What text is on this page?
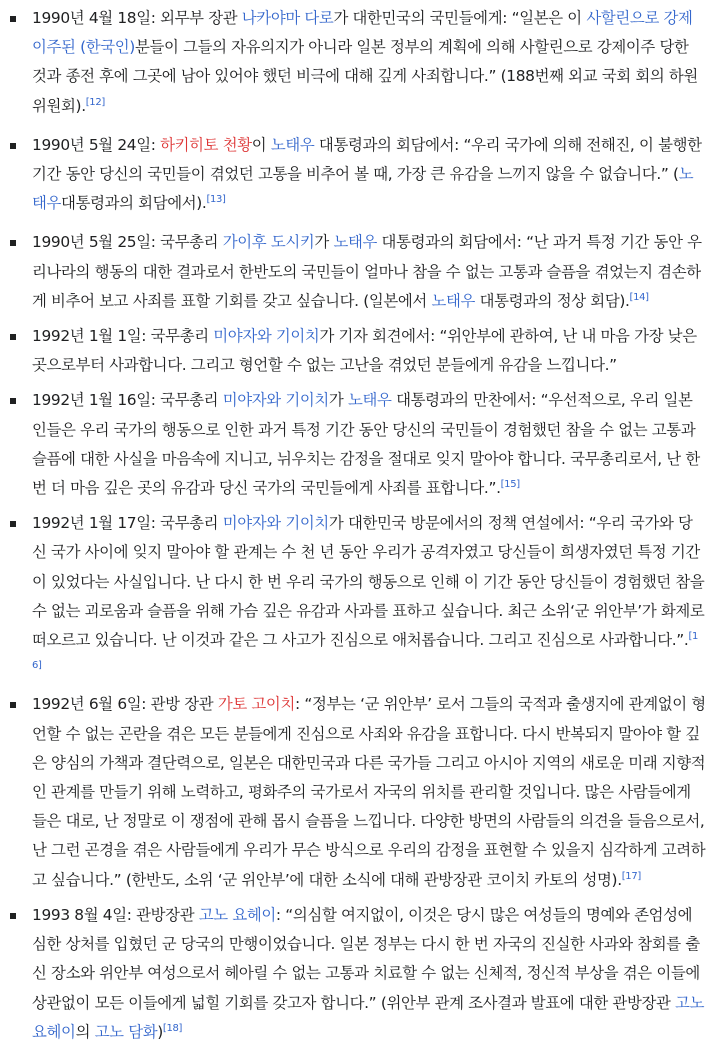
1990년 4월 18일: 외무부 장관 나카야마 다로가 대한민국의 국민들에게: “일본은 이 사할린으로 강제이주된 (한국인)분들이 그들의 자유의지가 아니라 일본 정부의 계획에 의해 사할린으로 강제이주 당한 것과 종전 후에 그곳에 남아 있어야 했던 비극에 대해 깊게 사죄합니다.” (188번째 외교 국회 회의 하원위원회).[12]
1990년 5월 24일: 하키히토 천황이 노태우 대통령과의 회담에서: “우리 국가에 의해 전해진, 이 불행한 기간 동안 당신의 국민들이 겪었던 고통을 비추어 볼 때, 가장 큰 유감을 느끼지 않을 수 없습니다.” (노태우대통령과의 회담에서).[13]
1990년 5월 25일: 국무총리 가이후 도시키가 노태우 대통령과의 회담에서: “난 과거 특정 기간 동안 우리나라의 행동의 대한 결과로서 한반도의 국민들이 얼마나 참을 수 없는 고통과 슬픔을 겪었는지 겸손하게 비추어 보고 사죄를 표할 기회를 갖고 싶습니다. (일본에서 노태우 대통령과의 정상 회담).[14]
1992년 1월 1일: 국무총리 미야자와 기이치가 기자 회견에서: “위안부에 관하여, 난 내 마음 가장 낮은 곳으로부터 사과합니다. 그리고 형언할 수 없는 고난을 겪었던 분들에게 유감을 느낍니다.”
1992년 1월 16일: 국무총리 미야자와 기이치가 노태우 대통령과의 만찬에서: “우선적으로, 우리 일본인들은 우리 국가의 행동으로 인한 과거 특정 기간 동안 당신의 국민들이 경험했던 참을 수 없는 고통과 슬픔에 대한 사실을 마음속에 지니고, 뉘우치는 감정을 절대로 잊지 말아야 합니다. 국무총리로서, 난 한 번 더 마음 깊은 곳의 유감과 당신 국가의 국민들에게 사죄를 표합니다.”.[15]
1992년 1월 17일: 국무총리 미야자와 기이치가 대한민국 방문에서의 정책 연설에서: “우리 국가와 당신 국가 사이에 잊지 말아야 할 관계는 수 천 년 동안 우리가 공격자였고 당신들이 희생자였던 특정 기간이 있었다는 사실입니다. 난 다시 한 번 우리 국가의 행동으로 인해 이 기간 동안 당신들이 경험했던 참을 수 없는 괴로움과 슬픔을 위해 가슴 깊은 유감과 사과를 표하고 싶습니다. 최근 소위‘군 위안부’가 화제로 떠오르고 있습니다. 난 이것과 같은 그 사고가 진심으로 애처롭습니다. 그리고 진심으로 사과합니다.”.[16]
1992년 6월 6일: 관방 장관 가토 고이치: “정부는 ‘군 위안부’ 로서 그들의 국적과 출생지에 관계없이 형언할 수 없는 곤란을 겪은 모든 분들에게 진심으로 사죄와 유감을 표합니다. 다시 반복되지 말아야 할 깊은 양심의 가책과 결단력으로, 일본은 대한민국과 다른 국가들 그리고 아시아 지역의 새로운 미래 지향적인 관계를 만들기 위해 노력하고, 평화주의 국가로서 자국의 위치를 관리할 것입니다. 많은 사람들에게 들은 대로, 난 정말로 이 쟁점에 관해 몹시 슬픔을 느낍니다. 다양한 방면의 사람들의 의견을 들음으로서, 난 그런 곤경을 겪은 사람들에게 우리가 무슨 방식으로 우리의 감정을 표현할 수 있을지 심각하게 고려하고 싶습니다.” (한반도, 소위 ‘군 위안부’에 대한 소식에 대해 관방장관 코이치 카토의 성명).[17]
1993 8월 4일: 관방장관 고노 요헤이: “의심할 여지없이, 이것은 당시 많은 여성들의 명예와 존엄성에 심한 상처를 입혔던 군 당국의 만행이었습니다. 일본 정부는 다시 한 번 자국의 진실한 사과와 참회를 출신 장소와 위안부 여성으로서 헤아릴 수 없는 고통과 치료할 수 없는 신체적, 정신적 부상을 겪은 이들에 상관없이 모든 이들에게 넓힐 기회를 갖고자 합니다.” (위안부 관계 조사결과 발표에 대한 관방장관 고노 요헤이의 고노 담화)[18]
